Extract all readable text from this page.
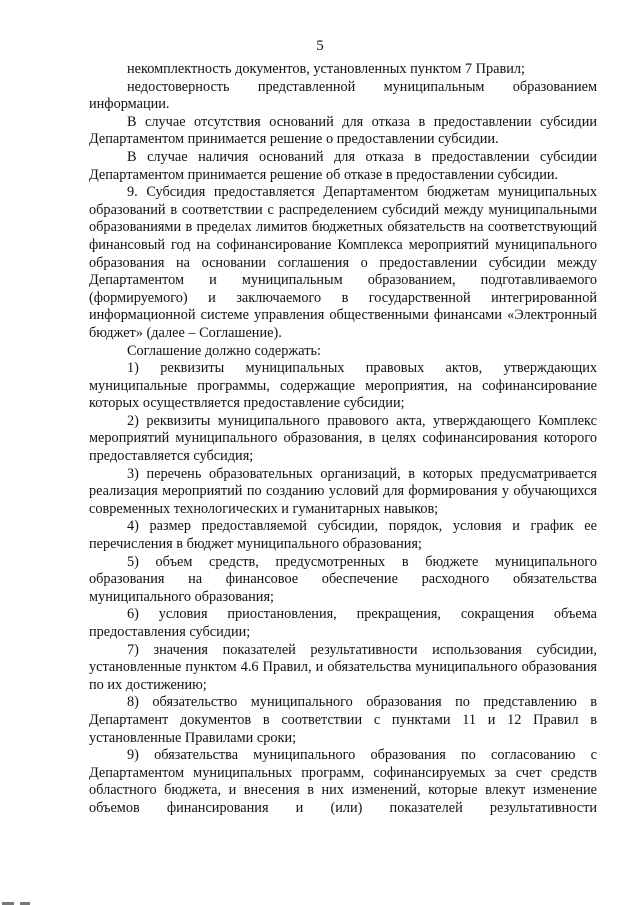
5

некомплектность документов, установленных пунктом 7 Правил;

недостоверность представленной муниципальным образованием информации.

В случае отсутствия оснований для отказа в предоставлении субсидии Департаментом принимается решение о предоставлении субсидии.

В случае наличия оснований для отказа в предоставлении субсидии Департаментом принимается решение об отказе в предоставлении субсидии.

9. Субсидия предоставляется Департаментом бюджетам муниципальных образований в соответствии с распределением субсидий между муниципальными образованиями в пределах лимитов бюджетных обязательств на соответствующий финансовый год на софинансирование Комплекса мероприятий муниципального образования на основании соглашения о предоставлении субсидии между Департаментом и муниципальным образованием, подготавливаемого (формируемого) и заключаемого в государственной интегрированной информационной системе управления общественными финансами «Электронный бюджет» (далее – Соглашение).

Соглашение должно содержать:

1) реквизиты муниципальных правовых актов, утверждающих муниципальные программы, содержащие мероприятия, на софинансирование которых осуществляется предоставление субсидии;

2) реквизиты муниципального правового акта, утверждающего Комплекс мероприятий муниципального образования, в целях софинансирования которого предоставляется субсидия;

3) перечень образовательных организаций, в которых предусматривается реализация мероприятий по созданию условий для формирования у обучающихся современных технологических и гуманитарных навыков;

4) размер предоставляемой субсидии, порядок, условия и график ее перечисления в бюджет муниципального образования;

5) объем средств, предусмотренных в бюджете муниципального образования на финансовое обеспечение расходного обязательства муниципального образования;

6) условия приостановления, прекращения, сокращения объема предоставления субсидии;

7) значения показателей результативности использования субсидии, установленные пунктом 4.6 Правил, и обязательства муниципального образования по их достижению;

8) обязательство муниципального образования по представлению в Департамент документов в соответствии с пунктами 11 и 12 Правил в установленные Правилами сроки;

9) обязательства муниципального образования по согласованию с Департаментом муниципальных программ, софинансируемых за счет средств областного бюджета, и внесения в них изменений, которые влекут изменение объемов финансирования и (или) показателей результативности
